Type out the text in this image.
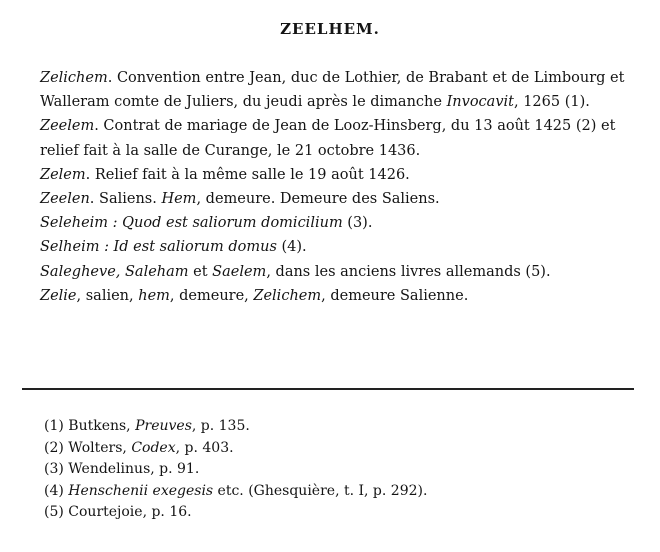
ZEELHEM.

Zelichem. Convention entre Jean, duc de Lothier, de Brabant et de Limbourg et Walleram comte de Juliers, du jeudi après le dimanche Invocavit, 1265 (1).

Zeelem. Contrat de mariage de Jean de Looz-Hinsberg, du 13 août 1425 (2) et relief fait à la salle de Curange, le 21 octobre 1436.

Zelem. Relief fait à la même salle le 19 août 1426.

Zeelen. Saliens. Hem, demeure. Demeure des Saliens.

Seleheim : Quod est saliorum domicilium (3).

Selheim : Id est saliorum domus (4).

Salegheve, Saleham et Saelem, dans les anciens livres allemands (5).

Zelie, salien, hem, demeure, Zelichem, demeure Salienne.

(1) Butkens, Preuves, p. 135.

(2) Wolters, Codex, p. 403.

(3) Wendelinus, p. 91.

(4) Henschenii exegesis etc. (Ghesquière, t. I, p. 292).

(5) Courtejoie, p. 16.
